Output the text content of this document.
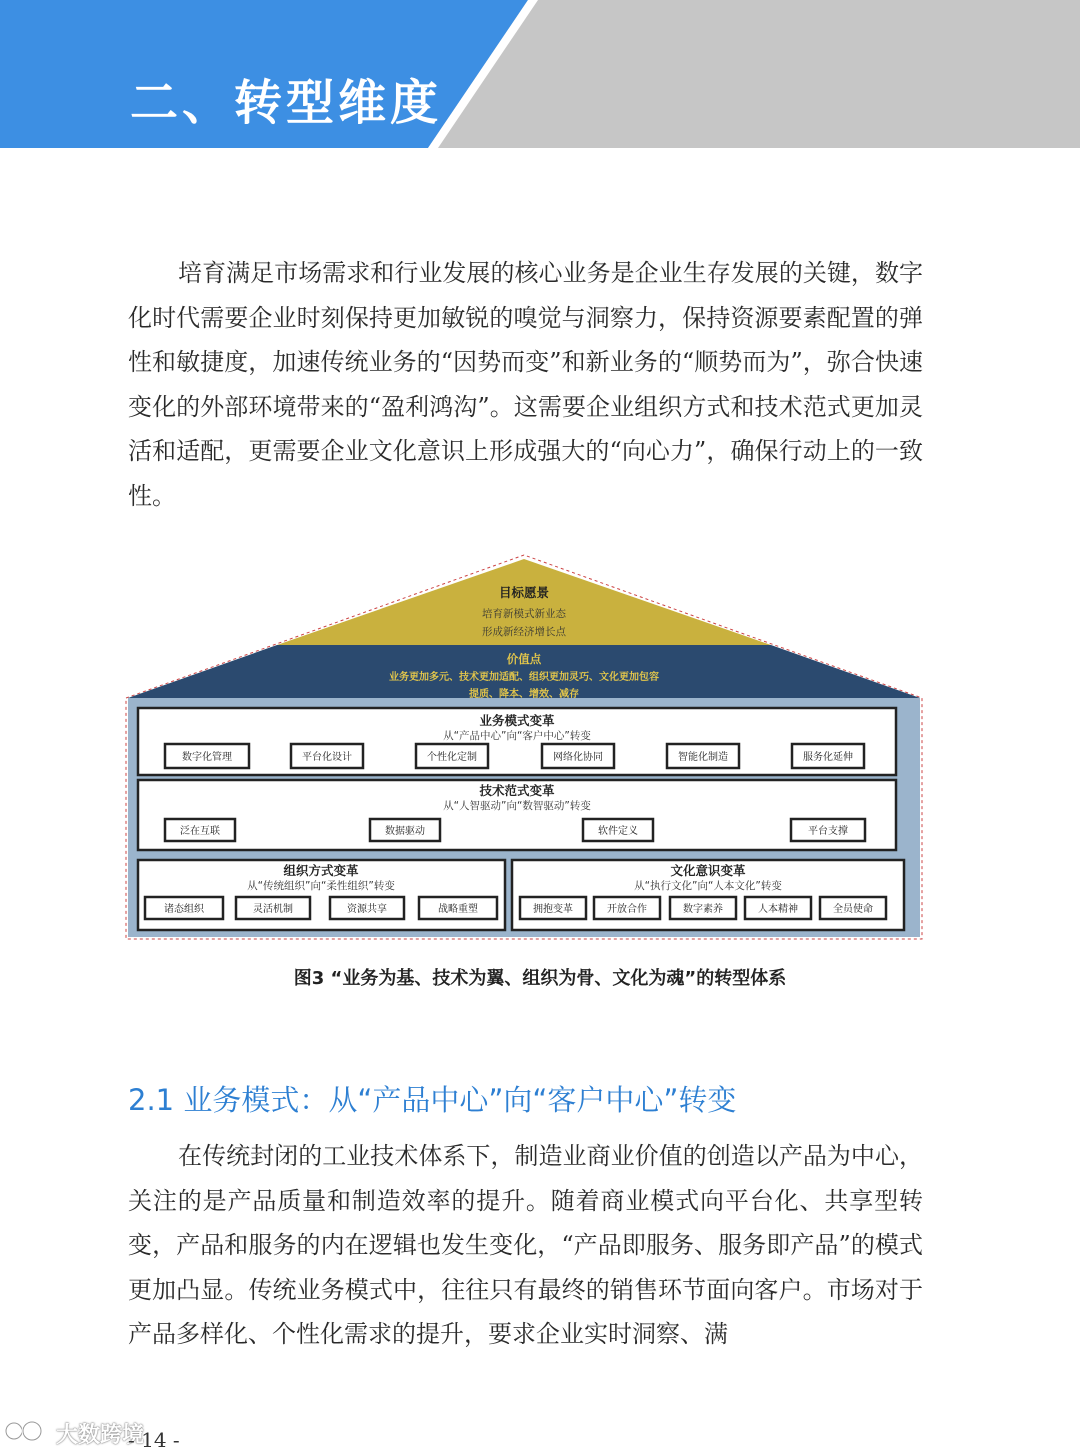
二、转型维度

培育满足市场需求和行业发展的核心业务是企业生存发展的关键，数字化时代需要企业时刻保持更加敏锐的嗅觉与洞察力，保持资源要素配置的弹性和敏捷度，加速传统业务的“因势而变”和新业务的“顺势而为”，弥合快速变化的外部环境带来的“盈利鸿沟”。这需要企业组织方式和技术范式更加灵活和适配，更需要企业文化意识上形成强大的“向心力”，确保行动上的一致性。

目标愿景
培育新模式新业态
形成新经济增长点
价值点
业务更加多元、技术更加适配、组织更加灵巧、文化更加包容
提质、降本、增效、减存
业务模式变革
从“产品中心”向“客户中心”转变
数字化管理	平台化设计	个性化定制	网络化协同	智能化制造	服务化延伸
技术范式变革
从“人智驱动”向“数智驱动”转变
泛在互联	数据驱动	软件定义	平台支撑
组织方式变革
从“传统组织”向“柔性组织”转变
诸态组织	灵活机制	资源共享	战略重塑
文化意识变革
从“执行文化”向“人本文化”转变
拥抱变革	开放合作	数字素养	人本精神	全员使命
图3 “业务为基、技术为翼、组织为骨、文化为魂”的转型体系
2.1 业务模式：从“产品中心”向“客户中心”转变

在传统封闭的工业技术体系下，制造业商业价值的创造以产品为中心，关注的是产品质量和制造效率的提升。随着商业模式向平台化、共享型转变，产品和服务的内在逻辑也发生变化，“产品即服务、服务即产品”的模式更加凸显。传统业务模式中，往往只有最终的销售环节面向客户。市场对于产品多样化、个性化需求的提升，要求企业实时洞察、满

大数跨境
- 14 -
